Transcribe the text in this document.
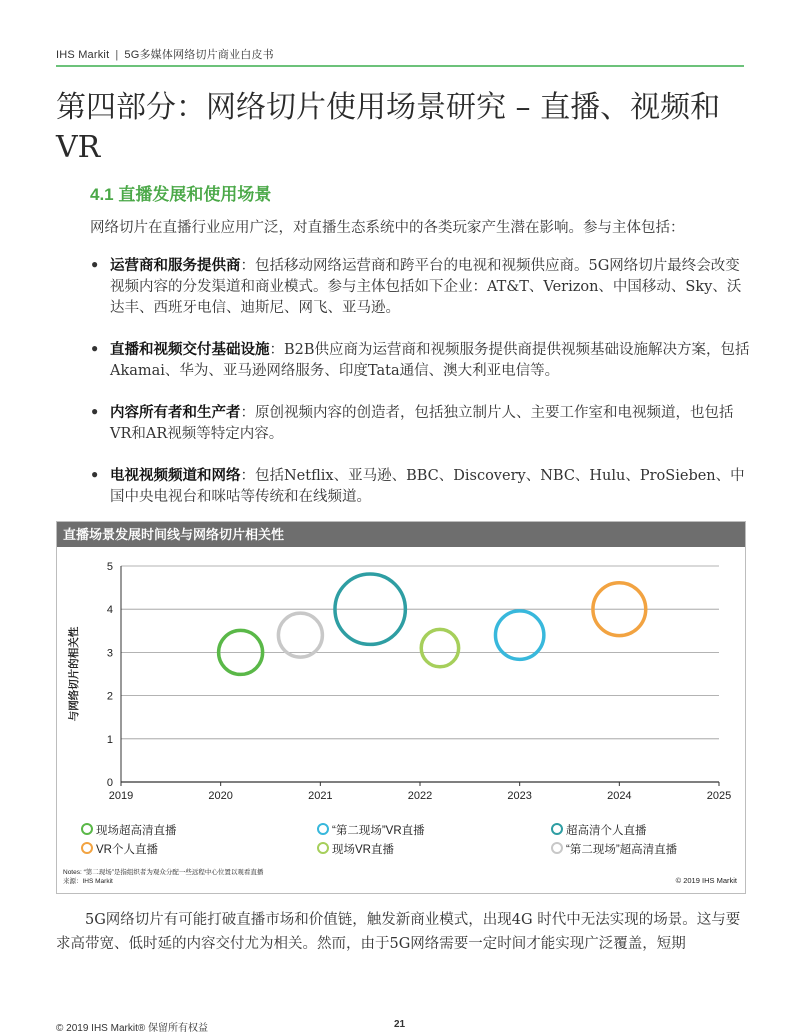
IHS Markit | 5G多媒体网络切片商业白皮书
第四部分：网络切片使用场景研究 – 直播、视频和VR
4.1 直播发展和使用场景
网络切片在直播行业应用广泛，对直播生态系统中的各类玩家产生潜在影响。参与主体包括：
• 运营商和服务提供商：包括移动网络运营商和跨平台的电视和视频供应商。5G网络切片最终会改变视频内容的分发渠道和商业模式。参与主体包括如下企业：AT&T、Verizon、中国移动、Sky、沃达丰、西班牙电信、迪斯尼、网飞、亚马逊。
• 直播和视频交付基础设施：B2B供应商为运营商和视频服务提供商提供视频基础设施解决方案，包括Akamai、华为、亚马逊网络服务、印度Tata通信、澳大利亚电信等。
• 内容所有者和生产者：原创视频内容的创造者，包括独立制片人、主要工作室和电视频道，也包括VR和AR视频等特定内容。
• 电视视频频道和网络：包括Netflix、亚马逊、BBC、Discovery、NBC、Hulu、ProSieben、中国中央电视台和咪咕等传统和在线频道。
直播场景发展时间线与网络切片相关性
0
1
2
3
4
5
2019	2020	2021	2022	2023	2024	2025
与网络切片的相关性
现场超高清直播	“第二现场”VR直播	超高清个人直播
VR个人直播	现场VR直播	“第二现场”超高清直播
Notes: “第二现场”是指组织者为观众分配一些远程中心位置以观看直播
来源：IHS Markit	© 2019 IHS Markit
5G网络切片有可能打破直播市场和价值链，触发新商业模式，出现4G 时代中无法实现的场景。这与要求高带宽、低时延的内容交付尤为相关。然而，由于5G网络需要一定时间才能实现广泛覆盖，短期
© 2019 IHS Markit® 保留所有权益	21
